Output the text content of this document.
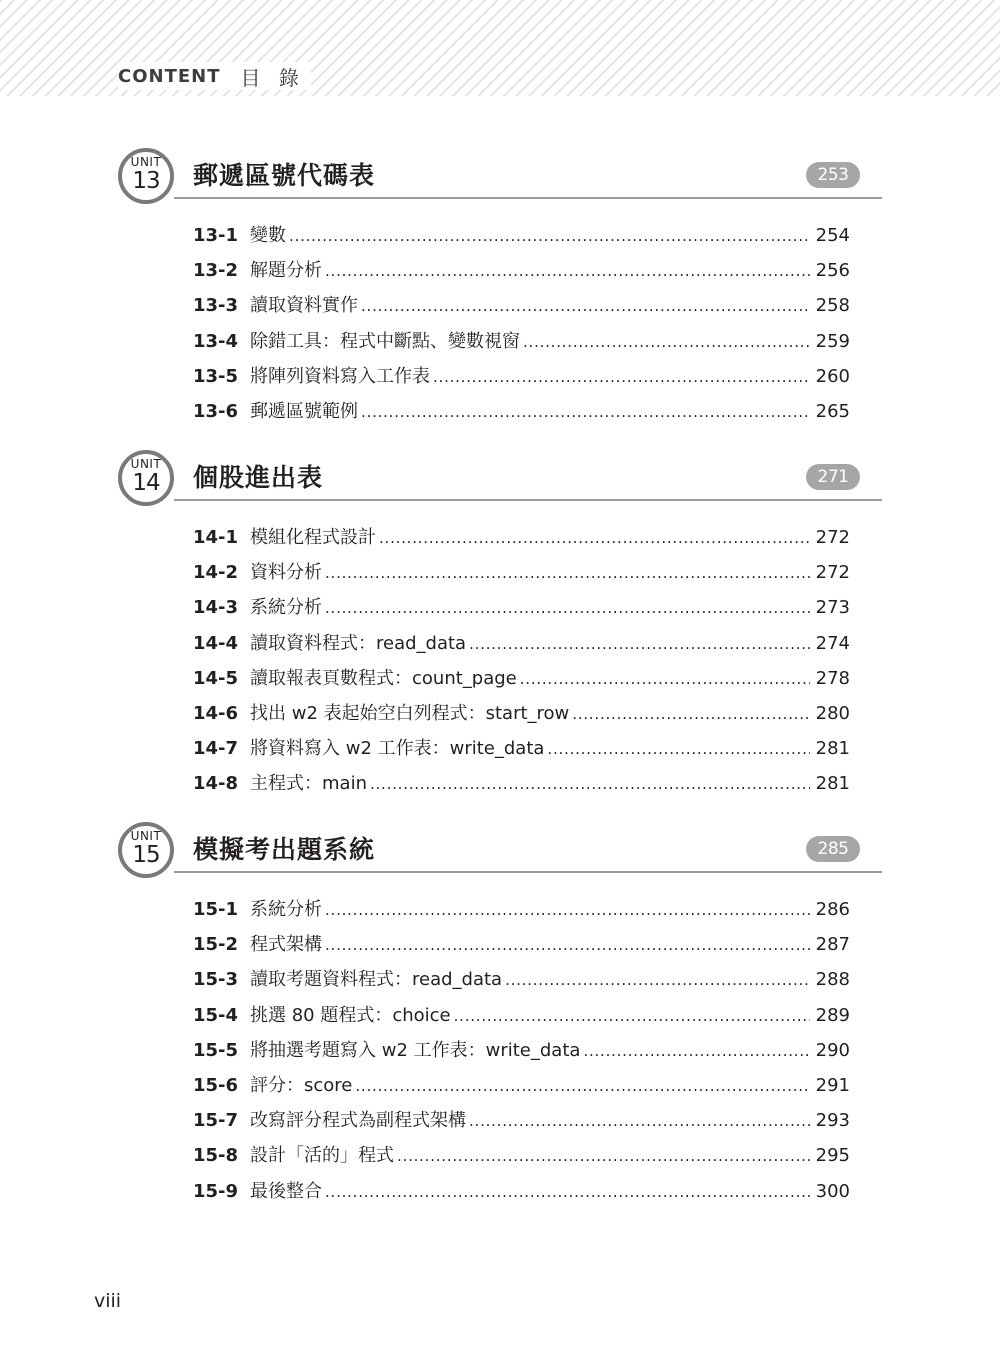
CONTENT 目 錄
UNIT
13	郵遞區號代碼表	253
13-1 變數 . . .	254
13-2 解題分析 . . .	256
13-3 讀取資料實作 . . .	258
13-4 除錯工具：程式中斷點、變數視窗 . . .	259
13-5 將陣列資料寫入工作表 . . .	260
13-6 郵遞區號範例 . . .	265
UNIT
14	個股進出表	271
14-1 模組化程式設計 . . .	272
14-2 資料分析 . . .	272
14-3 系統分析 . . .	273
14-4 讀取資料程式：read_data . . .	274
14-5 讀取報表頁數程式：count_page . . .	278
14-6 找出 w2 表起始空白列程式：start_row . . .	280
14-7 將資料寫入 w2 工作表：write_data . . .	281
14-8 主程式：main . . .	281
UNIT
15	模擬考出題系統	285
15-1 系統分析 . . .	286
15-2 程式架構 . . .	287
15-3 讀取考題資料程式：read_data . . .	288
15-4 挑選 80 題程式：choice . . .	289
15-5 將抽選考題寫入 w2 工作表：write_data . . .	290
15-6 評分：score . . .	291
15-7 改寫評分程式為副程式架構 . . .	293
15-8 設計「活的」程式 . . .	295
15-9 最後整合 . . .	300
viii
